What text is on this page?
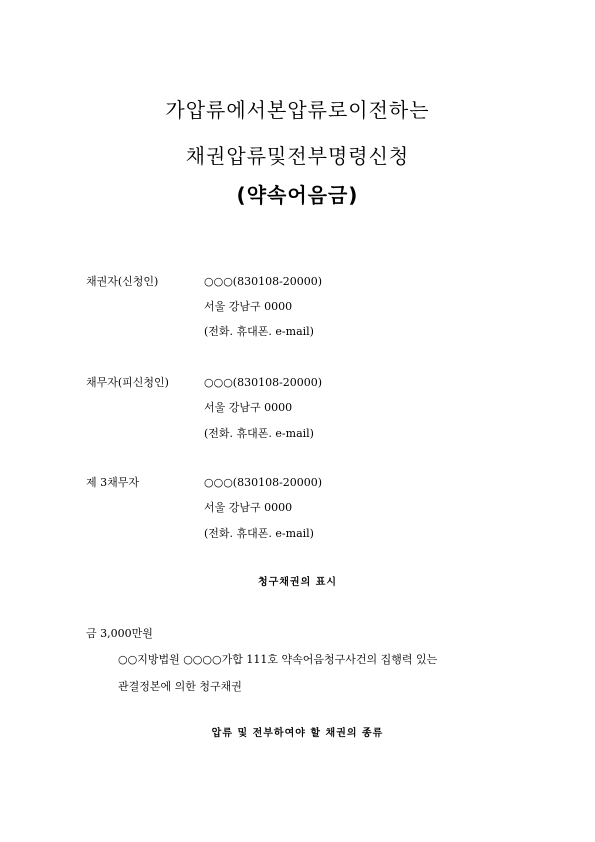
가압류에서본압류로이전하는
채권압류및전부명령신청
(약속어음금)
채권자(신청인)	○○○(830108-20000)
서울 강남구 0000
(전화. 휴대폰. e-mail)
채무자(피신청인)	○○○(830108-20000)
서울 강남구 0000
(전화. 휴대폰. e-mail)
제 3채무자	○○○(830108-20000)
서울 강남구 0000
(전화. 휴대폰. e-mail)
청구채권의 표시
금 3,000만원
○○지방법원 ○○○○가합 111호 약속어음청구사건의 집행력 있는
관결정본에 의한 청구채권
압류 및 전부하여야 할 채권의 종류
